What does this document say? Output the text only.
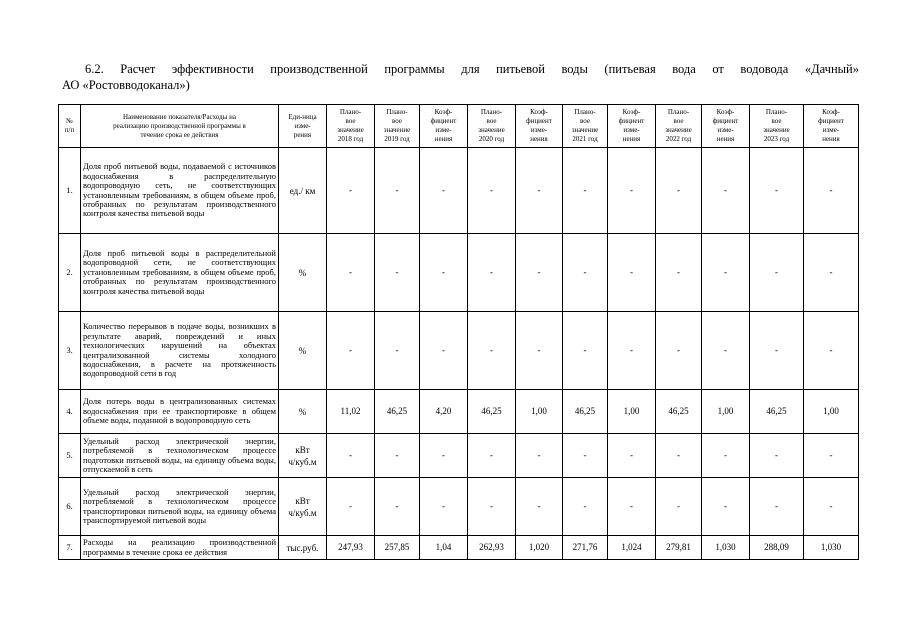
6.2. Расчет эффективности производственной программы для питьевой воды (питьевая вода от водовода «Дачный»
АО «Ростовводоканал»)
№
п/п	Наименование показателя/Расходы на
реализацию производственной программы в
течение срока ее действия	Еди-ница
изме-
рения	Плано-
вое
значение
2018 год	Плано-
вое
значение
2019 год	Коэф-
фициент
изме-
нения	Плано-
вое
значение
2020 год	Коэф-
фициент
изме-
нения	Плано-
вое
значение
2021 год	Коэф-
фициент
изме-
нения	Плано-
вое
значение
2022 год	Коэф-
фициент
изме-
нения	Плано-
вое
значение
2023 год	Коэф-
фициент
изме-
нения
1.	Доля проб питьевой воды, подаваемой с источников водоснабжения в распределительную водопроводную сеть, не соответствующих установленным требованиям, в общем объеме проб, отобранных по результатам производственного контроля качества питьевой воды	ед./ км	-	-	-	-	-	-	-	-	-	-	-
2.	Доля проб питьевой воды в распределительной водопроводной сети, не соответствующих установленным требованиям, в общем объеме проб, отобранных по результатам производственного контроля качества питьевой воды	%	-	-	-	-	-	-	-	-	-	-	-
3.	Количество перерывов в подаче воды, возникших в результате аварий, повреждений и иных технологических нарушений на объектах централизованной системы холодного водоснабжения, в расчете на протяженность водопроводной сети в год	%	-	-	-	-	-	-	-	-	-	-	-
4.	Доля потерь воды в централизованных системах водоснабжения при ее транспортировке в общем объеме воды, поданной в водопроводную сеть	%	11,02	46,25	4,20	46,25	1,00	46,25	1,00	46,25	1,00	46,25	1,00
5.	Удельный расход электрической энергии, потребляемой в технологическом процессе подготовки питьевой воды, на единицу объема воды, отпускаемой в сеть	кВт
ч/куб.м	-	-	-	-	-	-	-	-	-	-	-
6.	Удельный расход электрической энергии, потребляемой в технологическом процессе транспортировки питьевой воды, на единицу объема транспортируемой питьевой воды	кВт
ч/куб.м	-	-	-	-	-	-	-	-	-	-	-
7.	Расходы на реализацию производственной программы в течение срока ее действия	тыс.руб.	247,93	257,85	1,04	262,93	1,020	271,76	1,024	279,81	1,030	288,09	1,030
